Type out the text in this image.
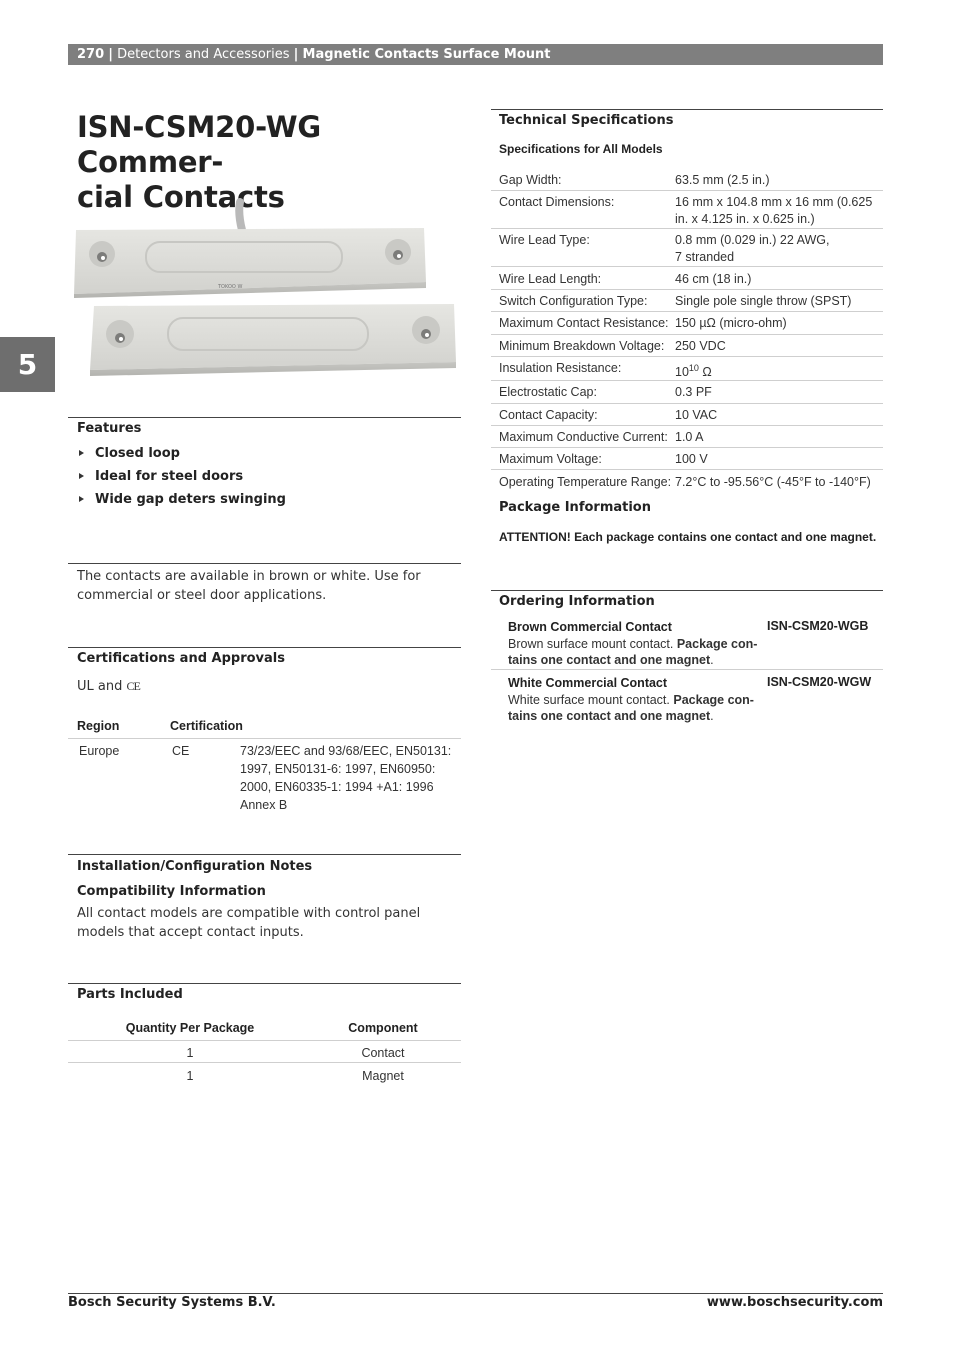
270 | Detectors and Accessories | Magnetic Contacts Surface Mount
5
ISN-CSM20-WG Commer-
cial Contacts
TOKOO W
Features
Closed loop
Ideal for steel doors
Wide gap deters swinging
The contacts are available in brown or white. Use for commercial or steel door applications.
Certifications and Approvals
UL and CE
Region	Certification
Europe	CE	73/23/EEC and 93/68/EEC, EN50131: 1997, EN50131-6: 1997, EN60950: 2000, EN60335-1: 1994 +A1: 1996 Annex B
Installation/Configuration Notes
Compatibility Information
All contact models are compatible with control panel models that accept contact inputs.
Parts Included
Quantity Per Package	Component
1	Contact
1	Magnet
Technical Specifications
Specifications for All Models
Gap Width:	63.5 mm (2.5 in.)
Contact Dimensions:	16 mm x 104.8 mm x 16 mm (0.625 in. x 4.125 in. x 0.625 in.)
Wire Lead Type:	0.8 mm (0.029 in.) 22 AWG,
7 stranded
Wire Lead Length:	46 cm (18 in.)
Switch Configuration Type: Single pole single throw (SPST)
Maximum Contact Resistance: 150 µΩ (micro-ohm)
Minimum Breakdown Voltage: 250 VDC
Insulation Resistance:	$10^{10}$ Ω
Electrostatic Cap:	0.3 PF
Contact Capacity:	10 VAC
Maximum Conductive Current: 1.0 A
Maximum Voltage:	100 V
Operating Temperature Range: 7.2°C to -95.56°C (-45°F to -140°F)
Package Information
ATTENTION! Each package contains one contact and one magnet.
Ordering Information
Brown Commercial Contact
Brown surface mount contact. Package con-
tains one contact and one magnet.
ISN-CSM20-WGB
White Commercial Contact
White surface mount contact. Package con-
tains one contact and one magnet.
ISN-CSM20-WGW
Bosch Security Systems B.V.	www.boschsecurity.com
